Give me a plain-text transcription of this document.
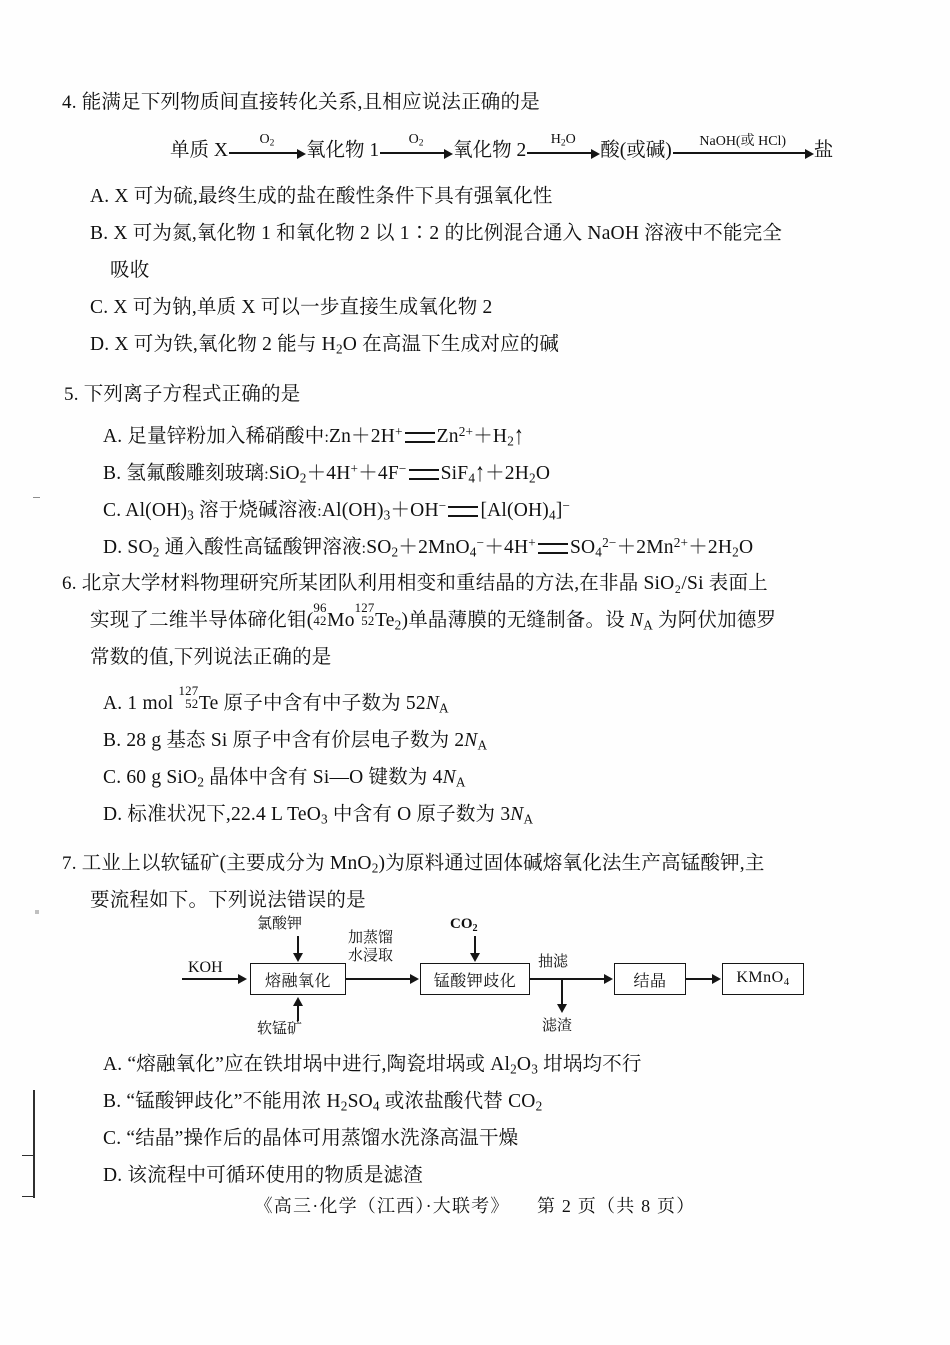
4. 能满足下列物质间直接转化关系,且相应说法正确的是
单质 X
$O_2$ 氧化物 1
$O_2$ 氧化物 2
$H_2O$
酸(或碱) NaOH(或 HCl) 盐
A. X 可为硫,最终生成的盐在酸性条件下具有强氧化性
B. X 可为氮,氧化物 1 和氧化物 2 以 1∶2 的比例混合通入 NaOH 溶液中不能完全
吸收
C. X 可为钠,单质 X 可以一步直接生成氧化物 2
D. X 可为铁,氧化物 2 能与 $H_2O$ 在高温下生成对应的碱
5. 下列离子方程式正确的是
A. 足量锌粉加入稀硝酸中:Zn＋2H+ $Zn^{2+}+H_2↑$
B. 氢氟酸雕刻玻璃:SiO$_2$＋4H+＋4F− $SiF_4↑+2H_2O$
C. $Al(OH)_3$ 溶于烧碱溶液$:Al(OH)_3+OH^-$ $[Al(OH)_4]^-$
D. $SO_2$ 通入酸性高锰酸钾溶液$:SO_2+2MnO_4^-+4H^+$ $SO_4^{2-}+2Mn^{2+}+2H_2O$
6. 北京大学材料物理研究所某团队利用相变和重结晶的方法,在非晶 SiO₂/Si 表面上
实现了二维半导体碲化钼(
96
42 Mo
127
52 $Te_2$)单晶薄膜的无缝制备。设 $N_A$ 为阿伏加德罗
常数的值,下列说法正确的是
A. 1 mol
127
52 Te 原子中含有中子数为 $52N_A$
B. 28 g 基态 Si 原子中含有价层电子数为 $2N_A$
C. 60 g SiO$_2$ 晶体中含有 Si—O 键数为 $4N_A$
D. 标准状况下,22.4 L TeO$_3$ 中含有 O 原子数为 $3N_A$
7. 工业上以软锰矿(主要成分为 MnO$_2$)为原料通过固体碱熔氧化法生产高锰酸钾,主
要流程如下。下列说法错误的是
KOH
熔融氧化
氯酸钾
软锰矿
加蒸馏
水浸取
锰酸钾歧化
$CO_2$
抽滤
滤渣
结晶	KMnO$_4$
A. “熔融氧化”应在铁坩埚中进行,陶瓷坩埚或 $Al_2O_3$ 坩埚均不行
B. “锰酸钾歧化”不能用浓 $H_2SO_4$ 或浓盐酸代替 $CO_2$
C. “结晶”操作后的晶体可用蒸馏水洗涤高温干燥
D. 该流程中可循环使用的物质是滤渣
《高三·化学（江西）·大联考》 第 2 页（共 8 页）
